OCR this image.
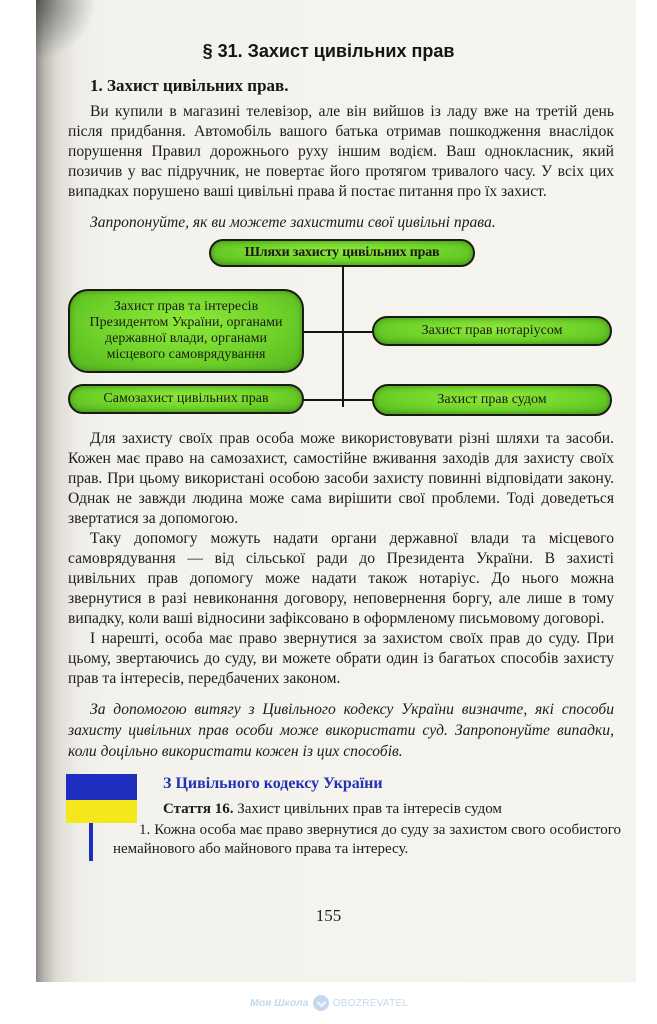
§ 31. Захист цивільних прав
1. Захист цивільних прав.

Ви купили в магазині телевізор, але він вийшов із ладу вже на третій день після придбання. Автомобіль вашого батька отримав пошкодження внаслідок порушення Правил дорожнього руху іншим водієм. Ваш однокласник, який позичив у вас підручник, не повертає його протягом тривалого часу. У всіх цих випадках порушено ваші цивільні права й постає питання про їх захист.

Запропонуйте, як ви можете захистити свої цивільні права.

Шляхи захисту цивільних прав
Захист прав та інтересів Президентом України, органами державної влади, органами місцевого самоврядування
Самозахист цивільних прав
Захист прав нотаріусом
Захист прав судом

Для захисту своїх прав особа може використовувати різні шляхи та засоби. Кожен має право на самозахист, самостійне вживання заходів для захисту своїх прав. При цьому використані особою засоби захисту повинні відповідати закону. Однак не завжди людина може сама вирішити свої проблеми. Тоді доведеться звертатися за допомогою.

Таку допомогу можуть надати органи державної влади та місцевого самоврядування — від сільської ради до Президента України. В захисті цивільних прав допомогу може надати також нотаріус. До нього можна звернутися в разі невиконання договору, неповернення боргу, але лише в тому випадку, коли ваші відносини зафіксовано в оформленому письмовому договорі.

І нарешті, особа має право звернутися за захистом своїх прав до суду. При цьому, звертаючись до суду, ви можете обрати один із багатьох способів захисту прав та інтересів, передбачених законом.

За допомогою витягу з Цивільного кодексу України визначте, які способи захисту цивільних прав особи може використати суд. Запропонуйте випадки, коли доцільно використати кожен із цих способів.

З Цивільного кодексу України
Стаття 16. Захист цивільних прав та інтересів судом
1. Кожна особа має право звернутися до суду за захистом свого особистого немайнового або майнового права та інтересу.
155
Моя Школа OBOZREVATEL
